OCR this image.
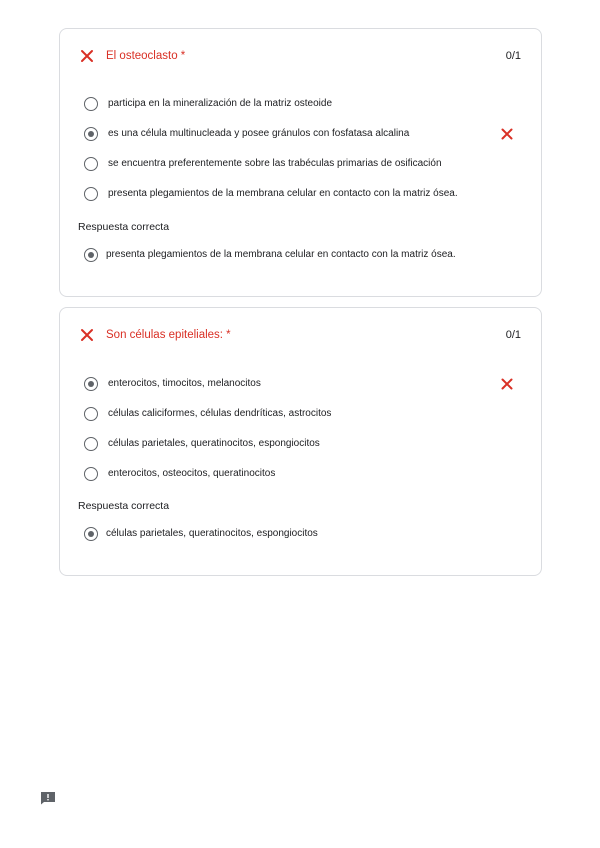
El osteoclasto *	0/1
participa en la mineralización de la matriz osteoide
es una célula multinucleada y posee gránulos con fosfatasa alcalina
se encuentra preferentemente sobre las trabéculas primarias de osificación
presenta plegamientos de la membrana celular en contacto con la matriz ósea.
Respuesta correcta
presenta plegamientos de la membrana celular en contacto con la matriz ósea.
Son células epiteliales: *	0/1
enterocitos, timocitos, melanocitos
células caliciformes, células dendríticas, astrocitos
células parietales, queratinocitos, espongiocitos
enterocitos, osteocitos, queratinocitos
Respuesta correcta
células parietales, queratinocitos, espongiocitos
